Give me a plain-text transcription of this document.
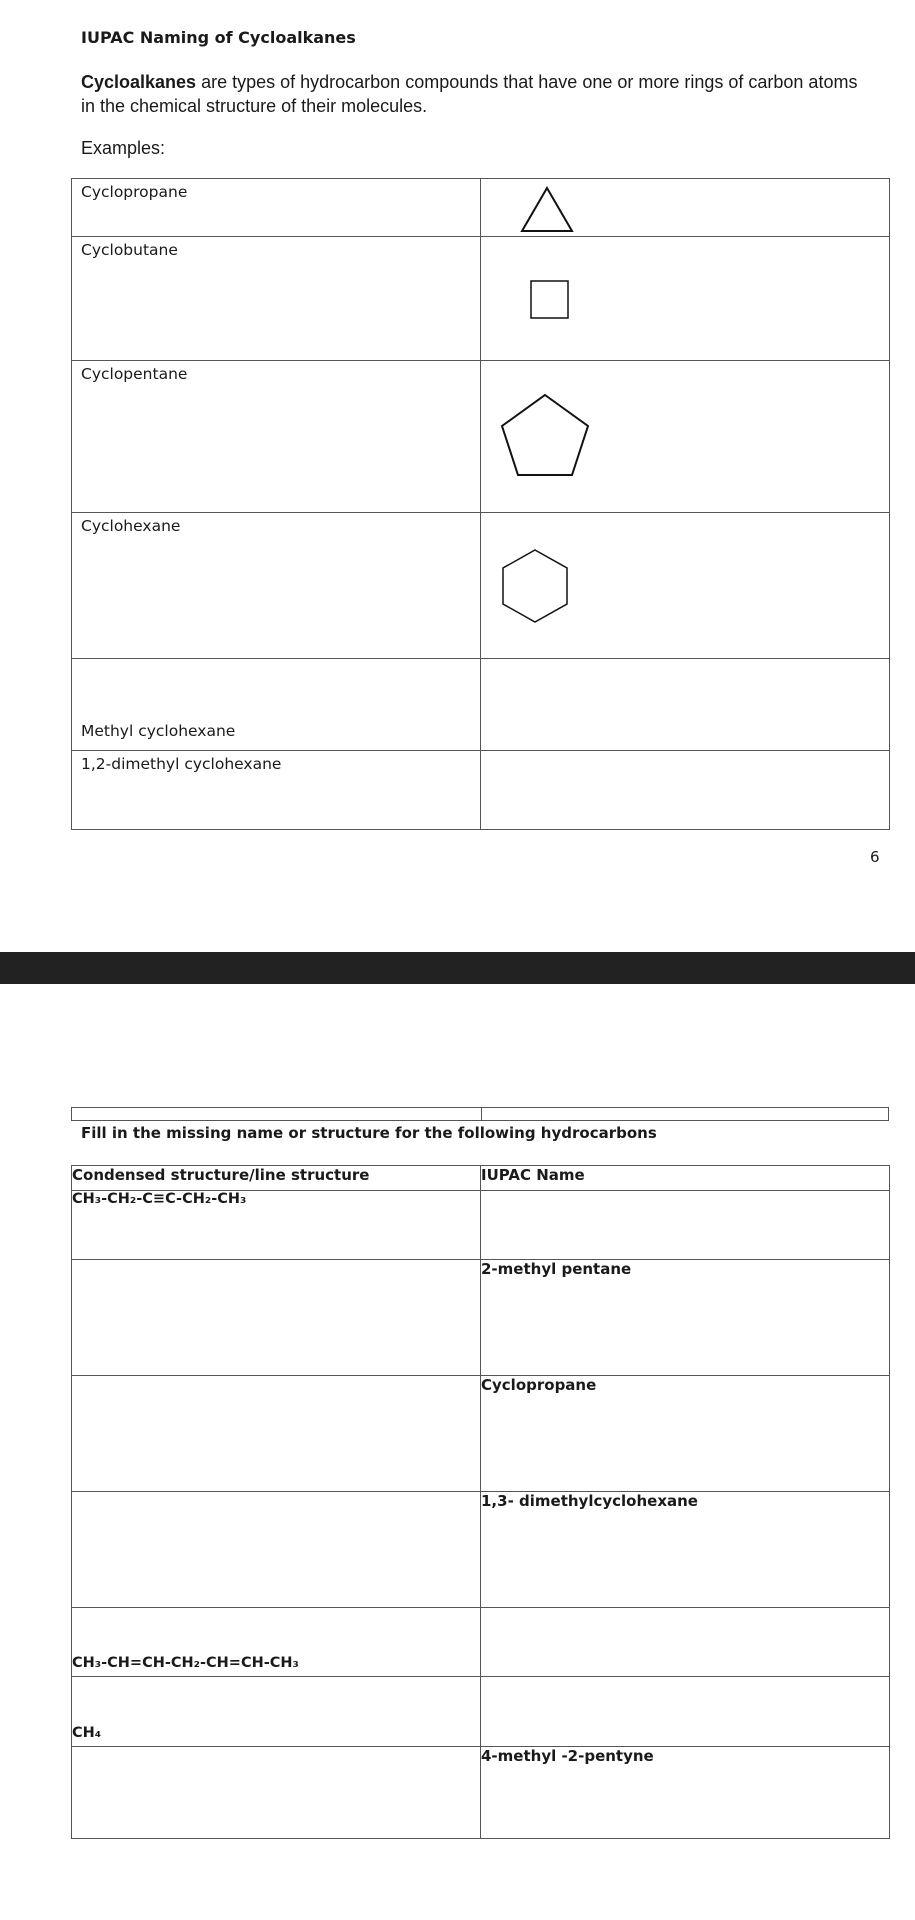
IUPAC Naming of Cycloalkanes

Cycloalkanes are types of hydrocarbon compounds that have one or more rings of carbon atoms in the chemical structure of their molecules.

Examples:
Cyclopropane	

Cyclobutane	

Cyclopentane	

Cyclohexane	

Methyl cyclohexane	
1,2-dimethyl cyclohexane	
6
Fill in the missing name or structure for the following hydrocarbons
Condensed structure/line structure	IUPAC Name
CH₃-CH₂-C≡C-CH₂-CH₃	
	2-methyl pentane
	Cyclopropane
	1,3- dimethylcyclohexane
CH₃-CH=CH-CH₂-CH=CH-CH₃	
CH₄	
	4-methyl -2-pentyne
